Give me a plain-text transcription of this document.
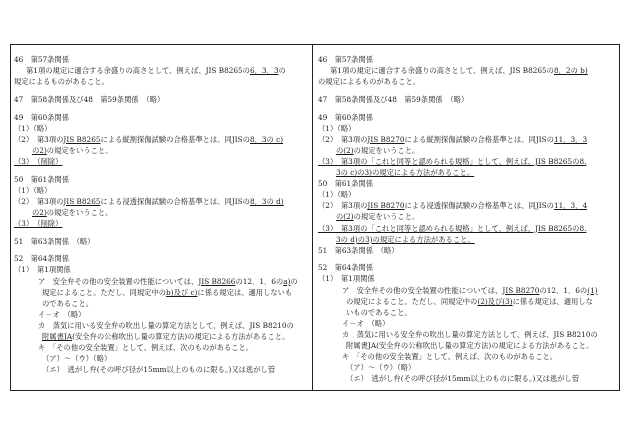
46　第57条関係
第1項の規定に適合する余盛りの高さとして、例えば、JIS B8265の6．3．3の
規定によるものがあること。
47　第58条関係及び48　第59条関係　（略）
49　第60条関係
（1）（略）
（2）　第3項のJIS B8265による縦割探傷試験の合格基準とは、同JISの8．3の c)
の2)の規定をいうこと。
（3）　（削除）
50　第61条関係
（1）（略）
（2）　第3項のJIS B8265による浸透探傷試験の合格基準とは、同JISの8．3の d)
の2)の規定をいうこと。
（3）　（削除）
51　第63条関係　（略）
52　第64条関係
（1）　第1項関係
ア　安全弁その他の安全装置の性能については、JIS B8266の12．1．6のa)の
規定によること。ただし、同規定中のb)及び c)に係る規定は、適用しないも
のであること。
イ－オ　（略）
カ　蒸気に用いる安全弁の吹出し量の算定方法として、例えば、JIS B8210の
附属書JA(安全弁の公称吹出し量の算定方法)の規定による方法があること。
キ　「その他の安全装置」として、例えば、次のものがあること。
（ア）～（ウ）（略）
（エ）　逃がし弁(その呼び径が15mm以上のものに限る。)又は逃がし管
46　第57条関係
第1項の規定に適合する余盛りの高さとして、例えば、JIS B8265の8．2の b)
の規定によるものがあること。
47　第58条関係及び48　第59条関係　（略）
49　第60条関係
（1）（略）
（2）　第3項のJIS B8270による縦割探傷試験の合格基準とは、同JISの11．3．3
の(2)の規定をいうこと。
（3）　第3項の「これと同等と認められる規格」として、例えば、JIS B8265の8.
3の c)の3)の規定による方法があること。
50　第61条関係
（1）（略）
（2）　第3項のJIS B8270による浸透探傷試験の合格基準とは、同JISの11．3．4
の(2)の規定をいうこと。
（3）　第3項の「これと同等と認められる規格」として、例えば、JIS B8265の8.
3の d)の3)の規定による方法があること。
51　第63条関係　（略）
52　第64条関係
（1）　第1項関係
ア　安全弁その他の安全装置の性能については、JIS B8270の12．1．6の(1)
の規定によること。ただし、同規定中の(2)及び(3)に係る規定は、適用しな
いものであること。
イ－オ　（略）
カ　蒸気に用いる安全弁の吹出し量の算定方法として、例えば、JIS B8210の
附属書JA(安全弁の公称吹出し量の算定方法)の規定による方法があること。
キ　「その他の安全装置」として、例えば、次のものがあること。
（ア）～（ウ）（略）
（エ）　逃がし弁(その呼び径が15mm以上のものに限る。)又は逃がし管
